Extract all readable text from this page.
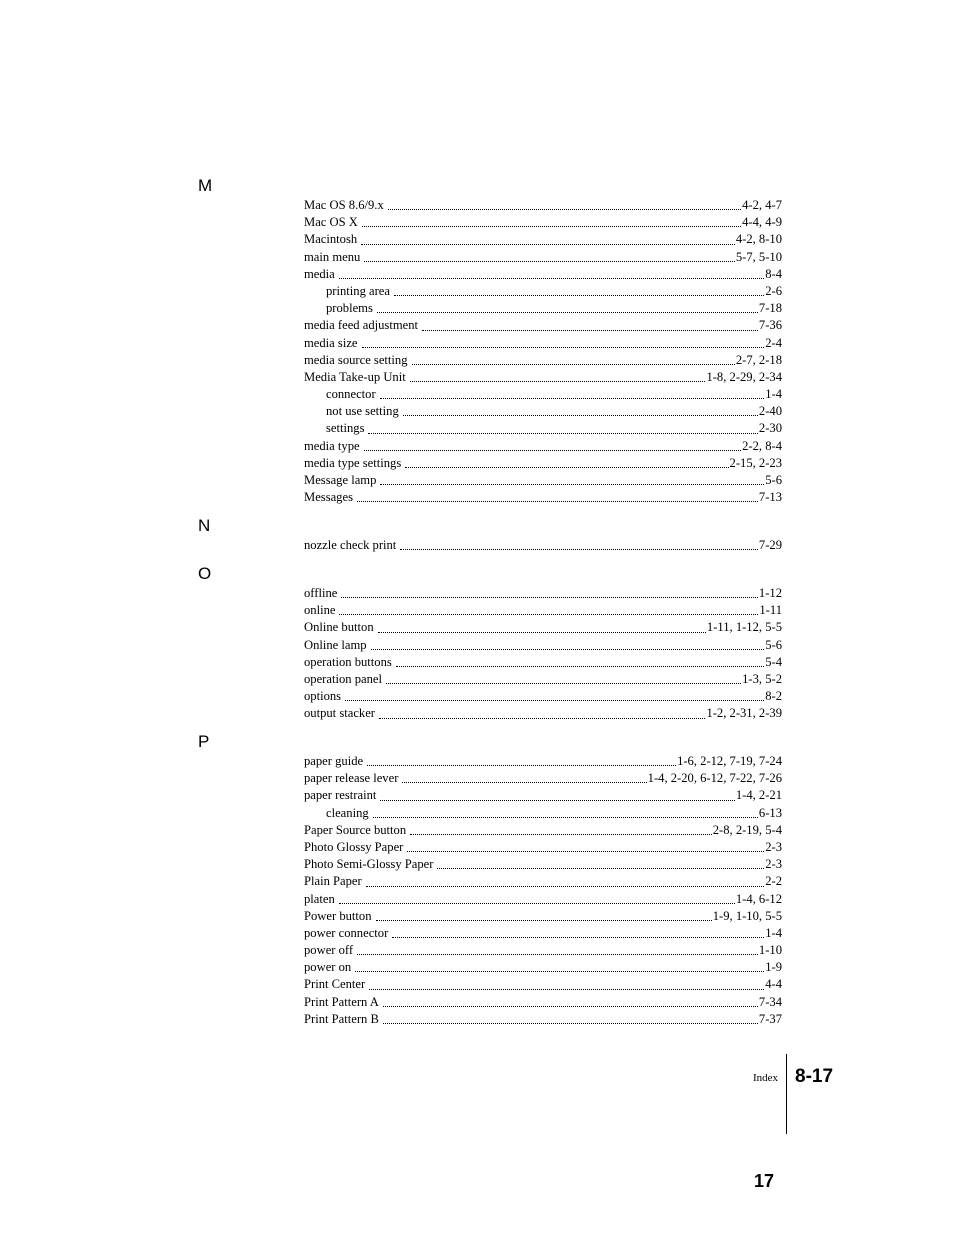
M
N
O
P
Mac OS 8.6/9.x	4-2, 4-7
Mac OS X	4-4, 4-9
Macintosh	4-2, 8-10
main menu	5-7, 5-10
media	8-4
printing area	2-6
problems	7-18
media feed adjustment	7-36
media size	2-4
media source setting	2-7, 2-18
Media Take-up Unit	1-8, 2-29, 2-34
connector	1-4
not use setting	2-40
settings	2-30
media type	2-2, 8-4
media type settings	2-15, 2-23
Message lamp	5-6
Messages	7-13
nozzle check print	7-29
offline	1-12
online	1-11
Online button	1-11, 1-12, 5-5
Online lamp	5-6
operation buttons	5-4
operation panel	1-3, 5-2
options	8-2
output stacker	1-2, 2-31, 2-39
paper guide	1-6, 2-12, 7-19, 7-24
paper release lever	1-4, 2-20, 6-12, 7-22, 7-26
paper restraint	1-4, 2-21
cleaning	6-13
Paper Source button	2-8, 2-19, 5-4
Photo Glossy Paper	2-3
Photo Semi-Glossy Paper	2-3
Plain Paper	2-2
platen	1-4, 6-12
Power button	1-9, 1-10, 5-5
power connector	1-4
power off	1-10
power on	1-9
Print Center	4-4
Print Pattern A	7-34
Print Pattern B	7-37
Index 8-17
17
